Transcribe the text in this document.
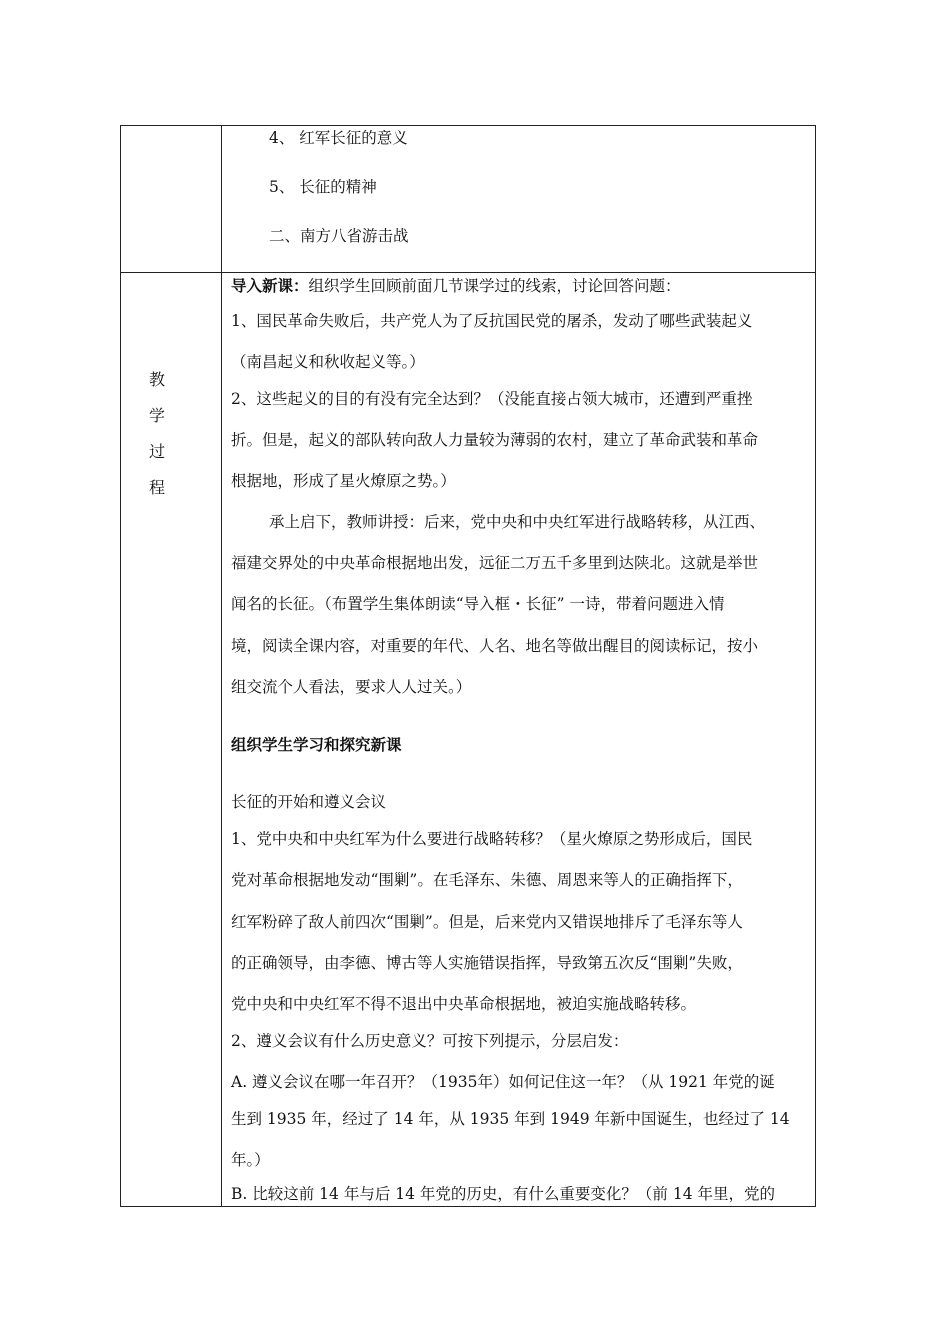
4、 红军长征的意义
5、 长征的精神
二、南方八省游击战
教
学
过
程
导入新课：组织学生回顾前面几节课学过的线索，讨论回答问题：
1、国民革命失败后，共产党人为了反抗国民党的屠杀，发动了哪些武装起义
（南昌起义和秋收起义等。）
2、这些起义的目的有没有完全达到？（没能直接占领大城市，还遭到严重挫
折。但是，起义的部队转向敌人力量较为薄弱的农村，建立了革命武装和革命
根据地，形成了星火燎原之势。）
承上启下，教师讲授：后来，党中央和中央红军进行战略转移，从江西、
福建交界处的中央革命根据地出发，远征二万五千多里到达陕北。这就是举世
闻名的长征。（布置学生集体朗读“导入框・长征” 一诗，带着问题进入情
境，阅读全课内容，对重要的年代、人名、地名等做出醒目的阅读标记，按小
组交流个人看法，要求人人过关。）
组织学生学习和探究新课
长征的开始和遵义会议
1、党中央和中央红军为什么要进行战略转移？（星火燎原之势形成后，国民
党对革命根据地发动“围剿”。在毛泽东、朱德、周恩来等人的正确指挥下，
红军粉碎了敌人前四次“围剿”。但是，后来党内又错误地排斥了毛泽东等人
的正确领导，由李德、博古等人实施错误指挥，导致第五次反“围剿”失败，
党中央和中央红军不得不退出中央革命根据地，被迫实施战略转移。
2、遵义会议有什么历史意义？可按下列提示，分层启发：
A. 遵义会议在哪一年召开？（1935年）如何记住这一年？（从 1921 年党的诞
生到 1935 年，经过了 14 年，从 1935 年到 1949 年新中国诞生，也经过了 14
年。）
B. 比较这前 14 年与后 14 年党的历史，有什么重要变化？（前 14 年里，党的
